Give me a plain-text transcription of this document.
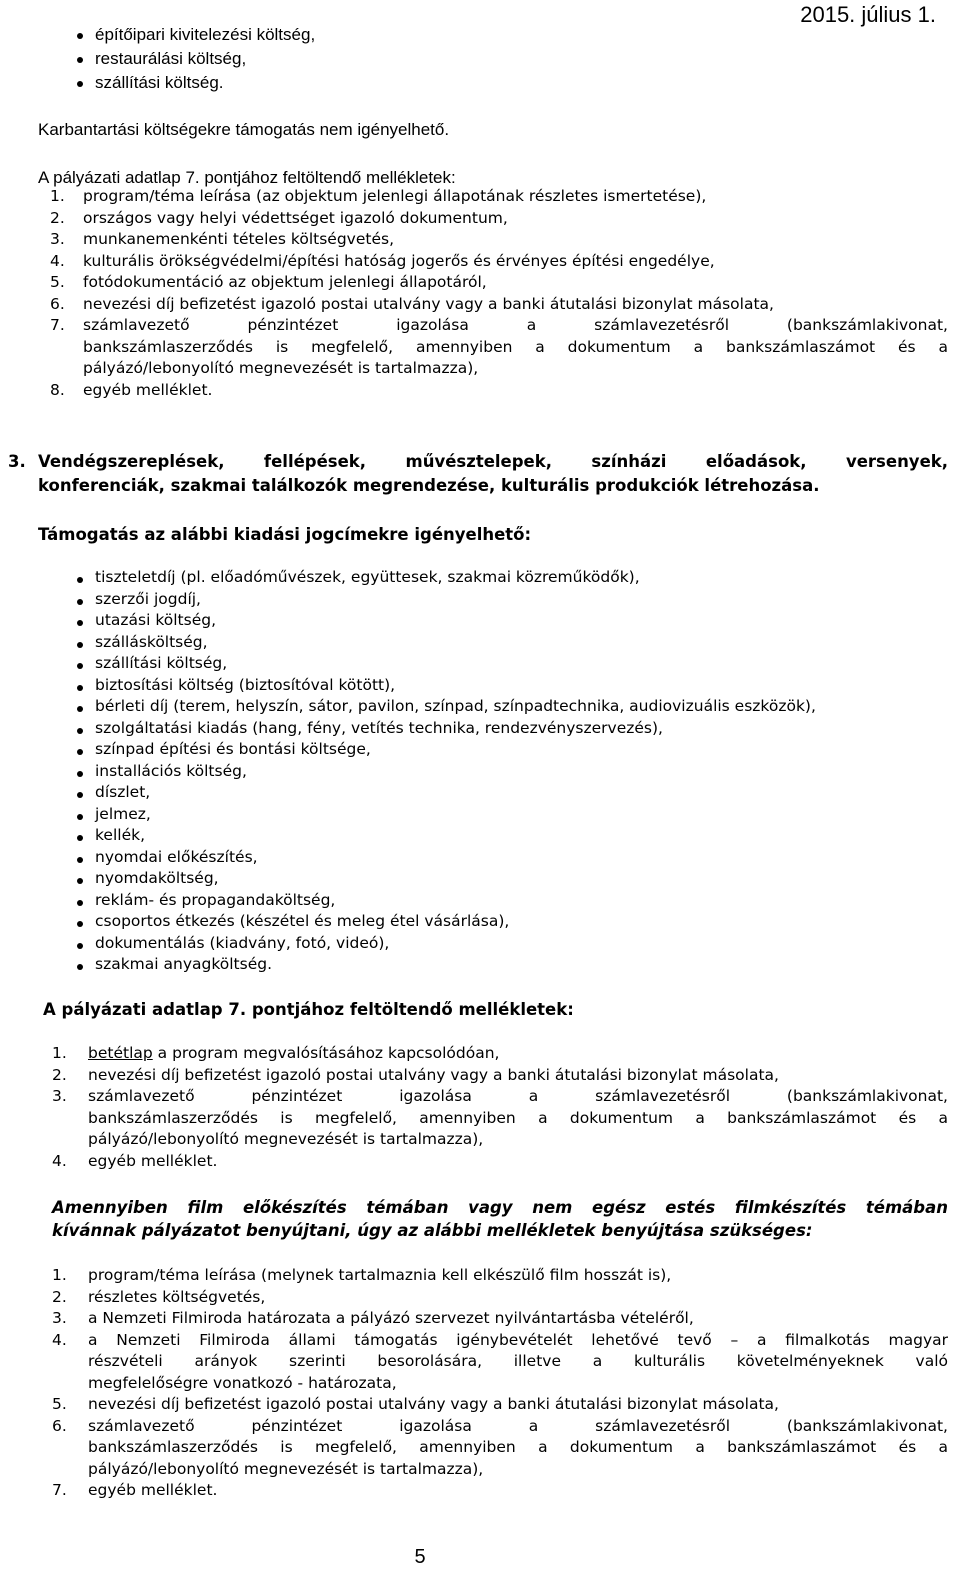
2015. július 1.
építőipari kivitelezési költség,
restaurálási költség,
szállítási költség.
Karbantartási költségekre támogatás nem igényelhető.
A pályázati adatlap 7. pontjához feltöltendő mellékletek:
1. program/téma leírása (az objektum jelenlegi állapotának részletes ismertetése),
2. országos vagy helyi védettséget igazoló dokumentum,
3. munkanemenkénti tételes költségvetés,
4. kulturális örökségvédelmi/építési hatóság jogerős és érvényes építési engedélye,
5. fotódokumentáció az objektum jelenlegi állapotáról,
6. nevezési díj befizetést igazoló postai utalvány vagy a banki átutalási bizonylat másolata,
7. számlavezető pénzintézet igazolása a számlavezetésről (bankszámlakivonat,
bankszámlaszerződés is megfelelő, amennyiben a dokumentum a bankszámlaszámot és a
pályázó/lebonyolító megnevezését is tartalmazza),
8. egyéb melléklet.
3. Vendégszereplések, fellépések, művésztelepek, színházi előadások, versenyek,
konferenciák, szakmai találkozók megrendezése, kulturális produkciók létrehozása.
Támogatás az alábbi kiadási jogcímekre igényelhető:
tiszteletdíj (pl. előadóművészek, együttesek, szakmai közreműködők),
szerzői jogdíj,
utazási költség,
szállásköltség,
szállítási költség,
biztosítási költség (biztosítóval kötött),
bérleti díj (terem, helyszín, sátor, pavilon, színpad, színpadtechnika, audiovizuális eszközök),
szolgáltatási kiadás (hang, fény, vetítés technika, rendezvényszervezés),
színpad építési és bontási költsége,
installációs költség,
díszlet,
jelmez,
kellék,
nyomdai előkészítés,
nyomdaköltség,
reklám- és propagandaköltség,
csoportos étkezés (készétel és meleg étel vásárlása),
dokumentálás (kiadvány, fotó, videó),
szakmai anyagköltség.
A pályázati adatlap 7. pontjához feltöltendő mellékletek:
1. betétlap a program megvalósításához kapcsolódóan,
2. nevezési díj befizetést igazoló postai utalvány vagy a banki átutalási bizonylat másolata,
3. számlavezető pénzintézet igazolása a számlavezetésről (bankszámlakivonat,
bankszámlaszerződés is megfelelő, amennyiben a dokumentum a bankszámlaszámot és a
pályázó/lebonyolító megnevezését is tartalmazza),
4. egyéb melléklet.
Amennyiben film előkészítés témában vagy nem egész estés filmkészítés témában
kívánnak pályázatot benyújtani, úgy az alábbi mellékletek benyújtása szükséges:
1. program/téma leírása (melynek tartalmaznia kell elkészülő film hosszát is),
2. részletes költségvetés,
3. a Nemzeti Filmiroda határozata a pályázó szervezet nyilvántartásba vételéről,
4. a Nemzeti Filmiroda állami támogatás igénybevételét lehetővé tevő – a filmalkotás magyar
részvételi arányok szerinti besorolására, illetve a kulturális követelményeknek való
megfelelőségre vonatkozó - határozata,
5. nevezési díj befizetést igazoló postai utalvány vagy a banki átutalási bizonylat másolata,
6. számlavezető pénzintézet igazolása a számlavezetésről (bankszámlakivonat,
bankszámlaszerződés is megfelelő, amennyiben a dokumentum a bankszámlaszámot és a
pályázó/lebonyolító megnevezését is tartalmazza),
7. egyéb melléklet.
5
